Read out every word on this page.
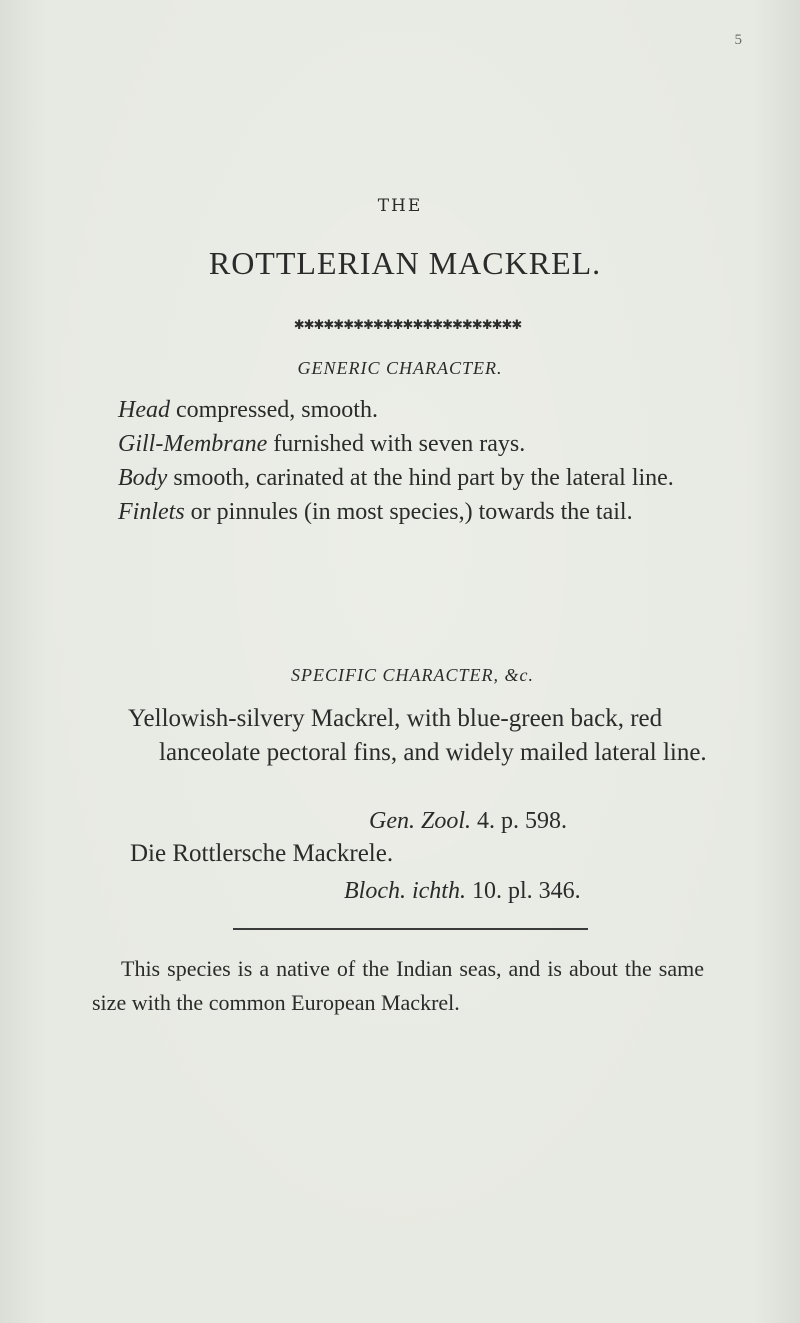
5
THE
ROTTLERIAN MACKREL.
✱✱✱✱✱✱✱✱✱✱✱✱✱✱✱✱✱✱✱✱✱✱✱
GENERIC CHARACTER.

Head compressed, smooth.

Gill-Membrane furnished with seven rays.

Body smooth, carinated at the hind part by the lateral line.

Finlets or pinnules (in most species,) towards the tail.

SPECIFIC CHARACTER, &c.
Yellowish-silvery Mackrel, with blue-green back, red lanceolate pectoral fins, and widely mailed lateral line.
Gen. Zool. 4. p. 598.
Die Rottlersche Mackrele.
Bloch. ichth. 10. pl. 346.
This species is a native of the Indian seas, and is about the same size with the common European Mackrel.
